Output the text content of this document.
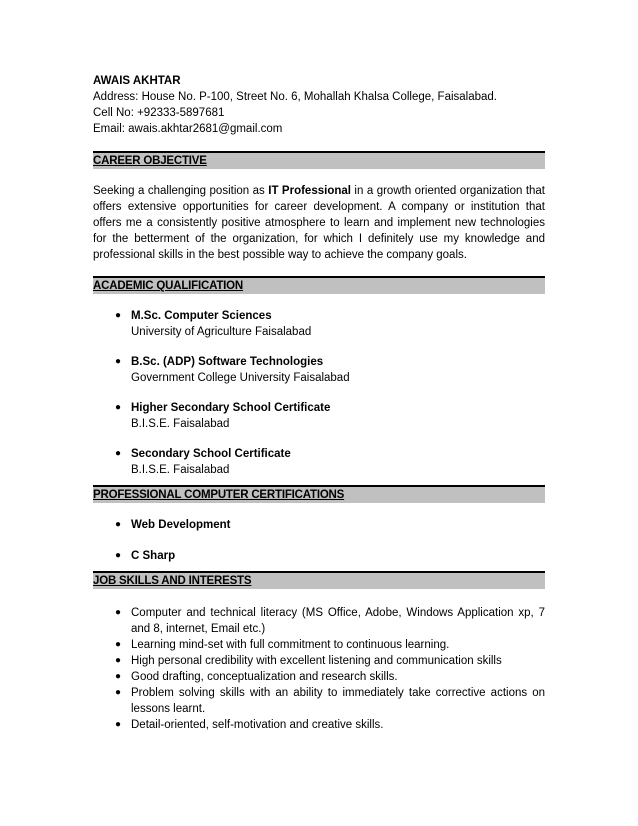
AWAIS AKHTAR
Address: House No. P-100, Street No. 6, Mohallah Khalsa College, Faisalabad.
Cell No: +92333-5897681
Email: awais.akhtar2681@gmail.com
CAREER OBJECTIVE

Seeking a challenging position as IT Professional in a growth oriented organization that offers extensive opportunities for career development. A company or institution that offers me a consistently positive atmosphere to learn and implement new technologies for the betterment of the organization, for which I definitely use my knowledge and professional skills in the best possible way to achieve the company goals.

ACADEMIC QUALIFICATION
● M.Sc. Computer Sciences
University of Agriculture Faisalabad
● B.Sc. (ADP) Software Technologies
Government College University Faisalabad
● Higher Secondary School Certificate
B.I.S.E. Faisalabad
● Secondary School Certificate
B.I.S.E. Faisalabad
PROFESSIONAL COMPUTER CERTIFICATIONS
● Web Development
● C Sharp
JOB SKILLS AND INTERESTS
● Computer and technical literacy (MS Office, Adobe, Windows Application xp, 7 and 8, internet, Email etc.)
● Learning mind-set with full commitment to continuous learning.
● High personal credibility with excellent listening and communication skills
● Good drafting, conceptualization and research skills.
● Problem solving skills with an ability to immediately take corrective actions on lessons learnt.
● Detail-oriented, self-motivation and creative skills.
